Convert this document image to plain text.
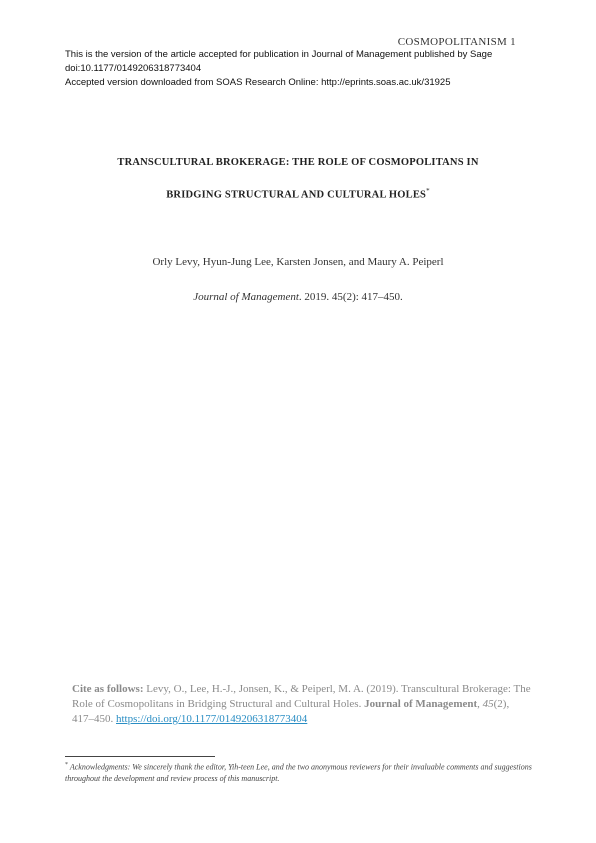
COSMOPOLITANISM 1
This is the version of the article accepted for publication in Journal of Management published by Sage
doi:10.1177/0149206318773404
Accepted version downloaded from SOAS Research Online: http://eprints.soas.ac.uk/31925
TRANSCULTURAL BROKERAGE: THE ROLE OF COSMOPOLITANS IN
BRIDGING STRUCTURAL AND CULTURAL HOLES*
Orly Levy, Hyun-Jung Lee, Karsten Jonsen, and Maury A. Peiperl
Journal of Management. 2019. 45(2): 417–450.
Cite as follows: Levy, O., Lee, H.-J., Jonsen, K., & Peiperl, M. A. (2019). Transcultural Brokerage: The Role of Cosmopolitans in Bridging Structural and Cultural Holes. Journal of Management, 45(2), 417–450. https://doi.org/10.1177/0149206318773404
* Acknowledgments: We sincerely thank the editor, Yih-teen Lee, and the two anonymous reviewers for their invaluable comments and suggestions throughout the development and review process of this manuscript.
